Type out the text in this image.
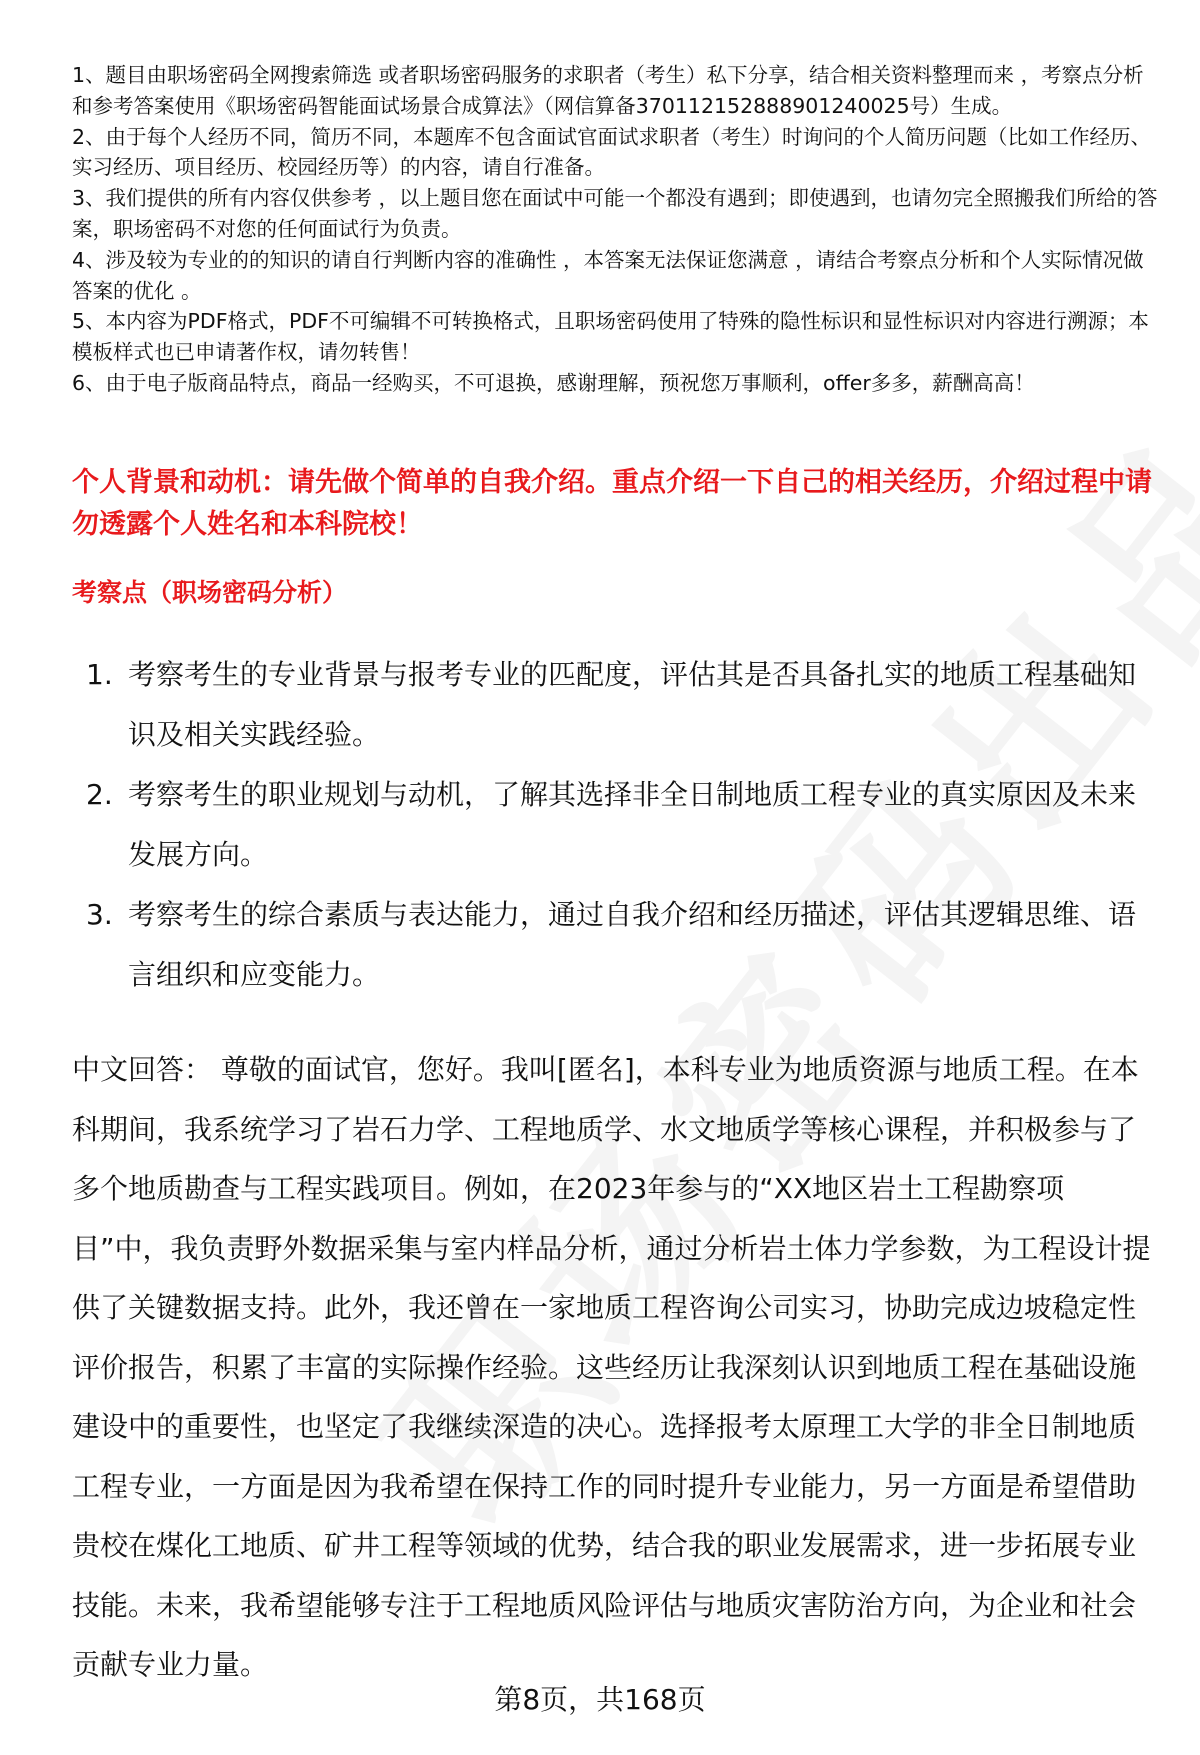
1、题目由职场密码全网搜索筛选 或者职场密码服务的求职者（考生）私下分享，结合相关资料整理而来 ，考察点分析和参考答案使用《职场密码智能面试场景合成算法》（网信算备370112152888901240025号）生成。

2、由于每个人经历不同，简历不同，本题库不包含面试官面试求职者（考生）时询问的个人简历问题（比如工作经历、实习经历、项目经历、校园经历等）的内容，请自行准备。

3、我们提供的所有内容仅供参考 ，以上题目您在面试中可能一个都没有遇到；即使遇到，也请勿完全照搬我们所给的答案，职场密码不对您的任何面试行为负责。

4、涉及较为专业的的知识的请自行判断内容的准确性 ，本答案无法保证您满意 ，请结合考察点分析和个人实际情况做答案的优化 。

5、本内容为PDF格式，PDF不可编辑不可转换格式，且职场密码使用了特殊的隐性标识和显性标识对内容进行溯源；本模板样式也已申请著作权，请勿转售！

6、由于电子版商品特点，商品一经购买，不可退换，感谢理解，预祝您万事顺利，offer多多，薪酬高高！

个人背景和动机：请先做个简单的自我介绍。重点介绍一下自己的相关经历，介绍过程中请勿透露个人姓名和本科院校！
考察点（职场密码分析）
1. 考察考生的专业背景与报考专业的匹配度，评估其是否具备扎实的地质工程基础知识及相关实践经验。
2. 考察考生的职业规划与动机，了解其选择非全日制地质工程专业的真实原因及未来发展方向。
3. 考察考生的综合素质与表达能力，通过自我介绍和经历描述，评估其逻辑思维、语言组织和应变能力。

中文回答： 尊敬的面试官，您好。我叫[匿名]，本科专业为地质资源与地质工程。在本科期间，我系统学习了岩石力学、工程地质学、水文地质学等核心课程，并积极参与了多个地质勘查与工程实践项目。例如，在2023年参与的“XX地区岩土工程勘察项目”中，我负责野外数据采集与室内样品分析，通过分析岩土体力学参数，为工程设计提供了关键数据支持。此外，我还曾在一家地质工程咨询公司实习，协助完成边坡稳定性评价报告，积累了丰富的实际操作经验。这些经历让我深刻认识到地质工程在基础设施建设中的重要性，也坚定了我继续深造的决心。选择报考太原理工大学的非全日制地质工程专业，一方面是因为我希望在保持工作的同时提升专业能力，另一方面是希望借助贵校在煤化工地质、矿井工程等领域的优势，结合我的职业发展需求，进一步拓展专业技能。未来，我希望能够专注于工程地质风险评估与地质灾害防治方向，为企业和社会贡献专业力量。

第8页，共168页
